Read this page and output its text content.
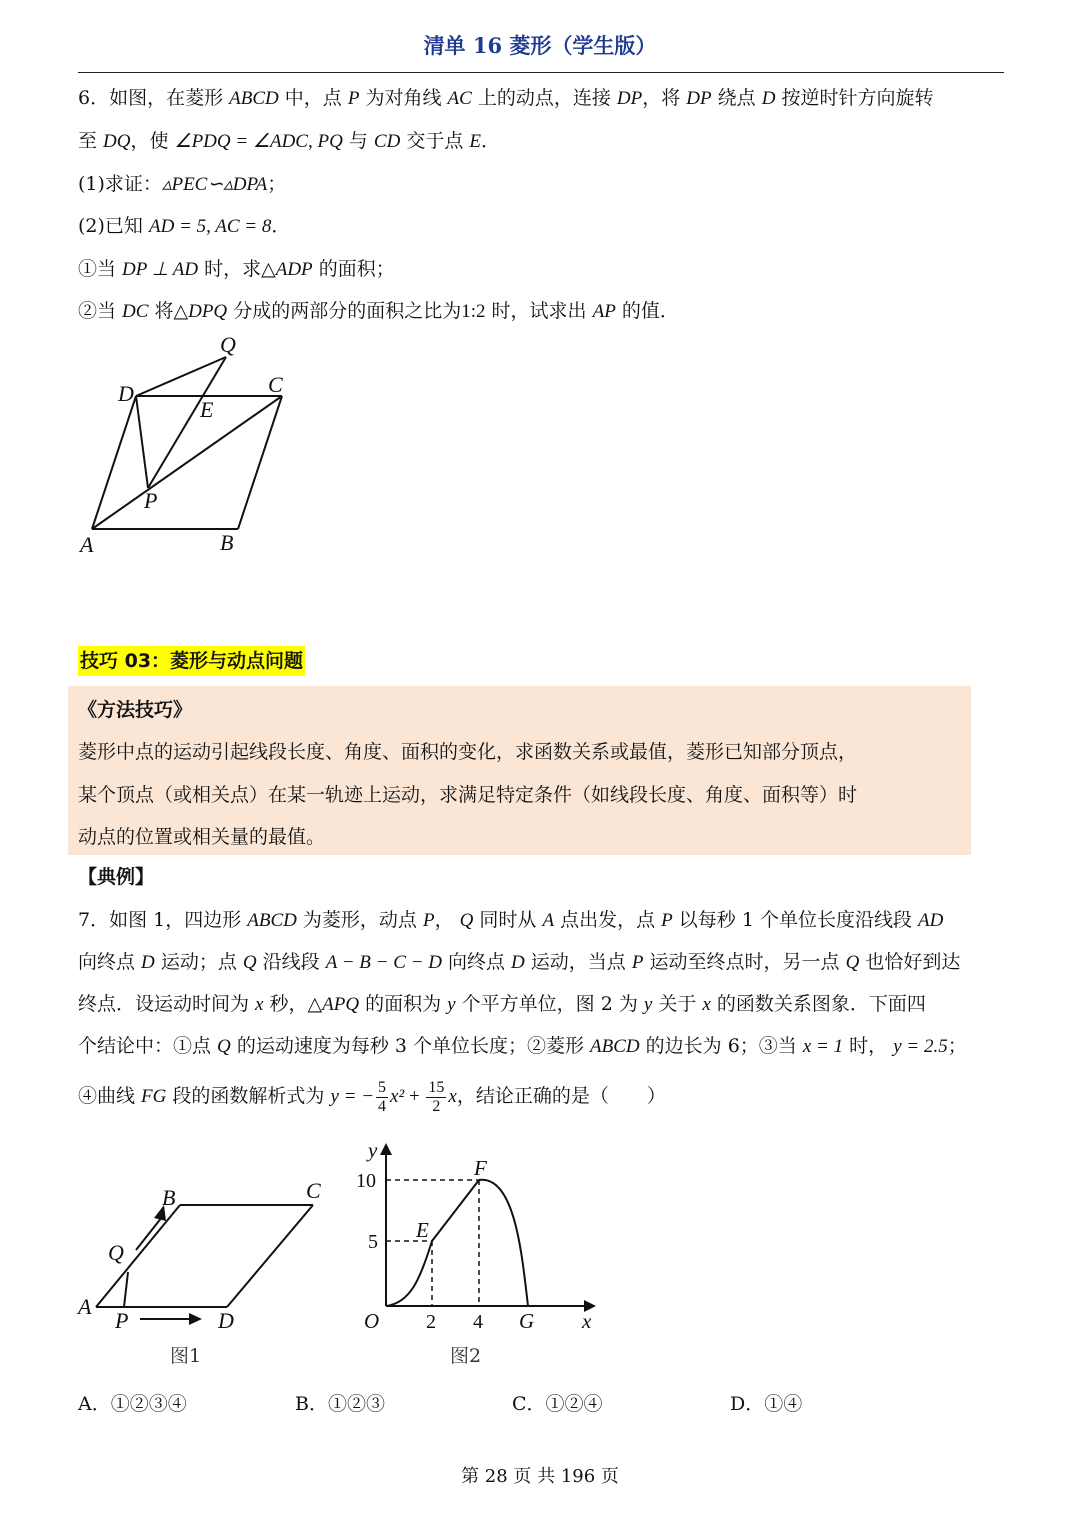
清单 16 菱形（学生版）
6．如图，在菱形 ABCD 中，点 P 为对角线 AC 上的动点，连接 DP，将 DP 绕点 D 按逆时针方向旋转
至 DQ，使 ∠PDQ = ∠ADC, PQ 与 CD 交于点 E．
(1)求证：▵PEC∽▵DPA；
(2)已知 AD = 5, AC = 8．
①当 DP ⊥ AD 时，求△ADP 的面积；
②当 DC 将△DPQ 分成的两部分的面积之比为1:2 时，试求出 AP 的值．
Q
D	C
E
P
A	B
技巧 03：菱形与动点问题
《方法技巧》
菱形中点的运动引起线段长度、角度、面积的变化，求函数关系或最值，菱形已知部分顶点，
某个顶点（或相关点）在某一轨迹上运动，求满足特定条件（如线段长度、角度、面积等）时
动点的位置或相关量的最值。
【典例】
7．如图 1，四边形 ABCD 为菱形，动点 P， Q 同时从 A 点出发，点 P 以每秒 1 个单位长度沿线段 AD
向终点 D 运动；点 Q 沿线段 A − B − C − D 向终点 D 运动，当点 P 运动至终点时，另一点 Q 也恰好到达
终点．设运动时间为 x 秒，△APQ 的面积为 y 个平方单位，图 2 为 y 关于 x 的函数关系图象．下面四
个结论中：①点 Q 的运动速度为每秒 3 个单位长度；②菱形 ABCD 的边长为 6；③当 x = 1 时， y = 2.5；
④曲线 FG 段的函数解析式为 y = − $\frac{5}{4} x^2 + \frac{15}{2}$ x，结论正确的是（　　）
A
B	C
D
P
Q
图1
y
x
O
E
F
G
10
5
2 4
图2
A．①②③④	B．①②③	C．①②④	D．①④
第 28 页 共 196 页
